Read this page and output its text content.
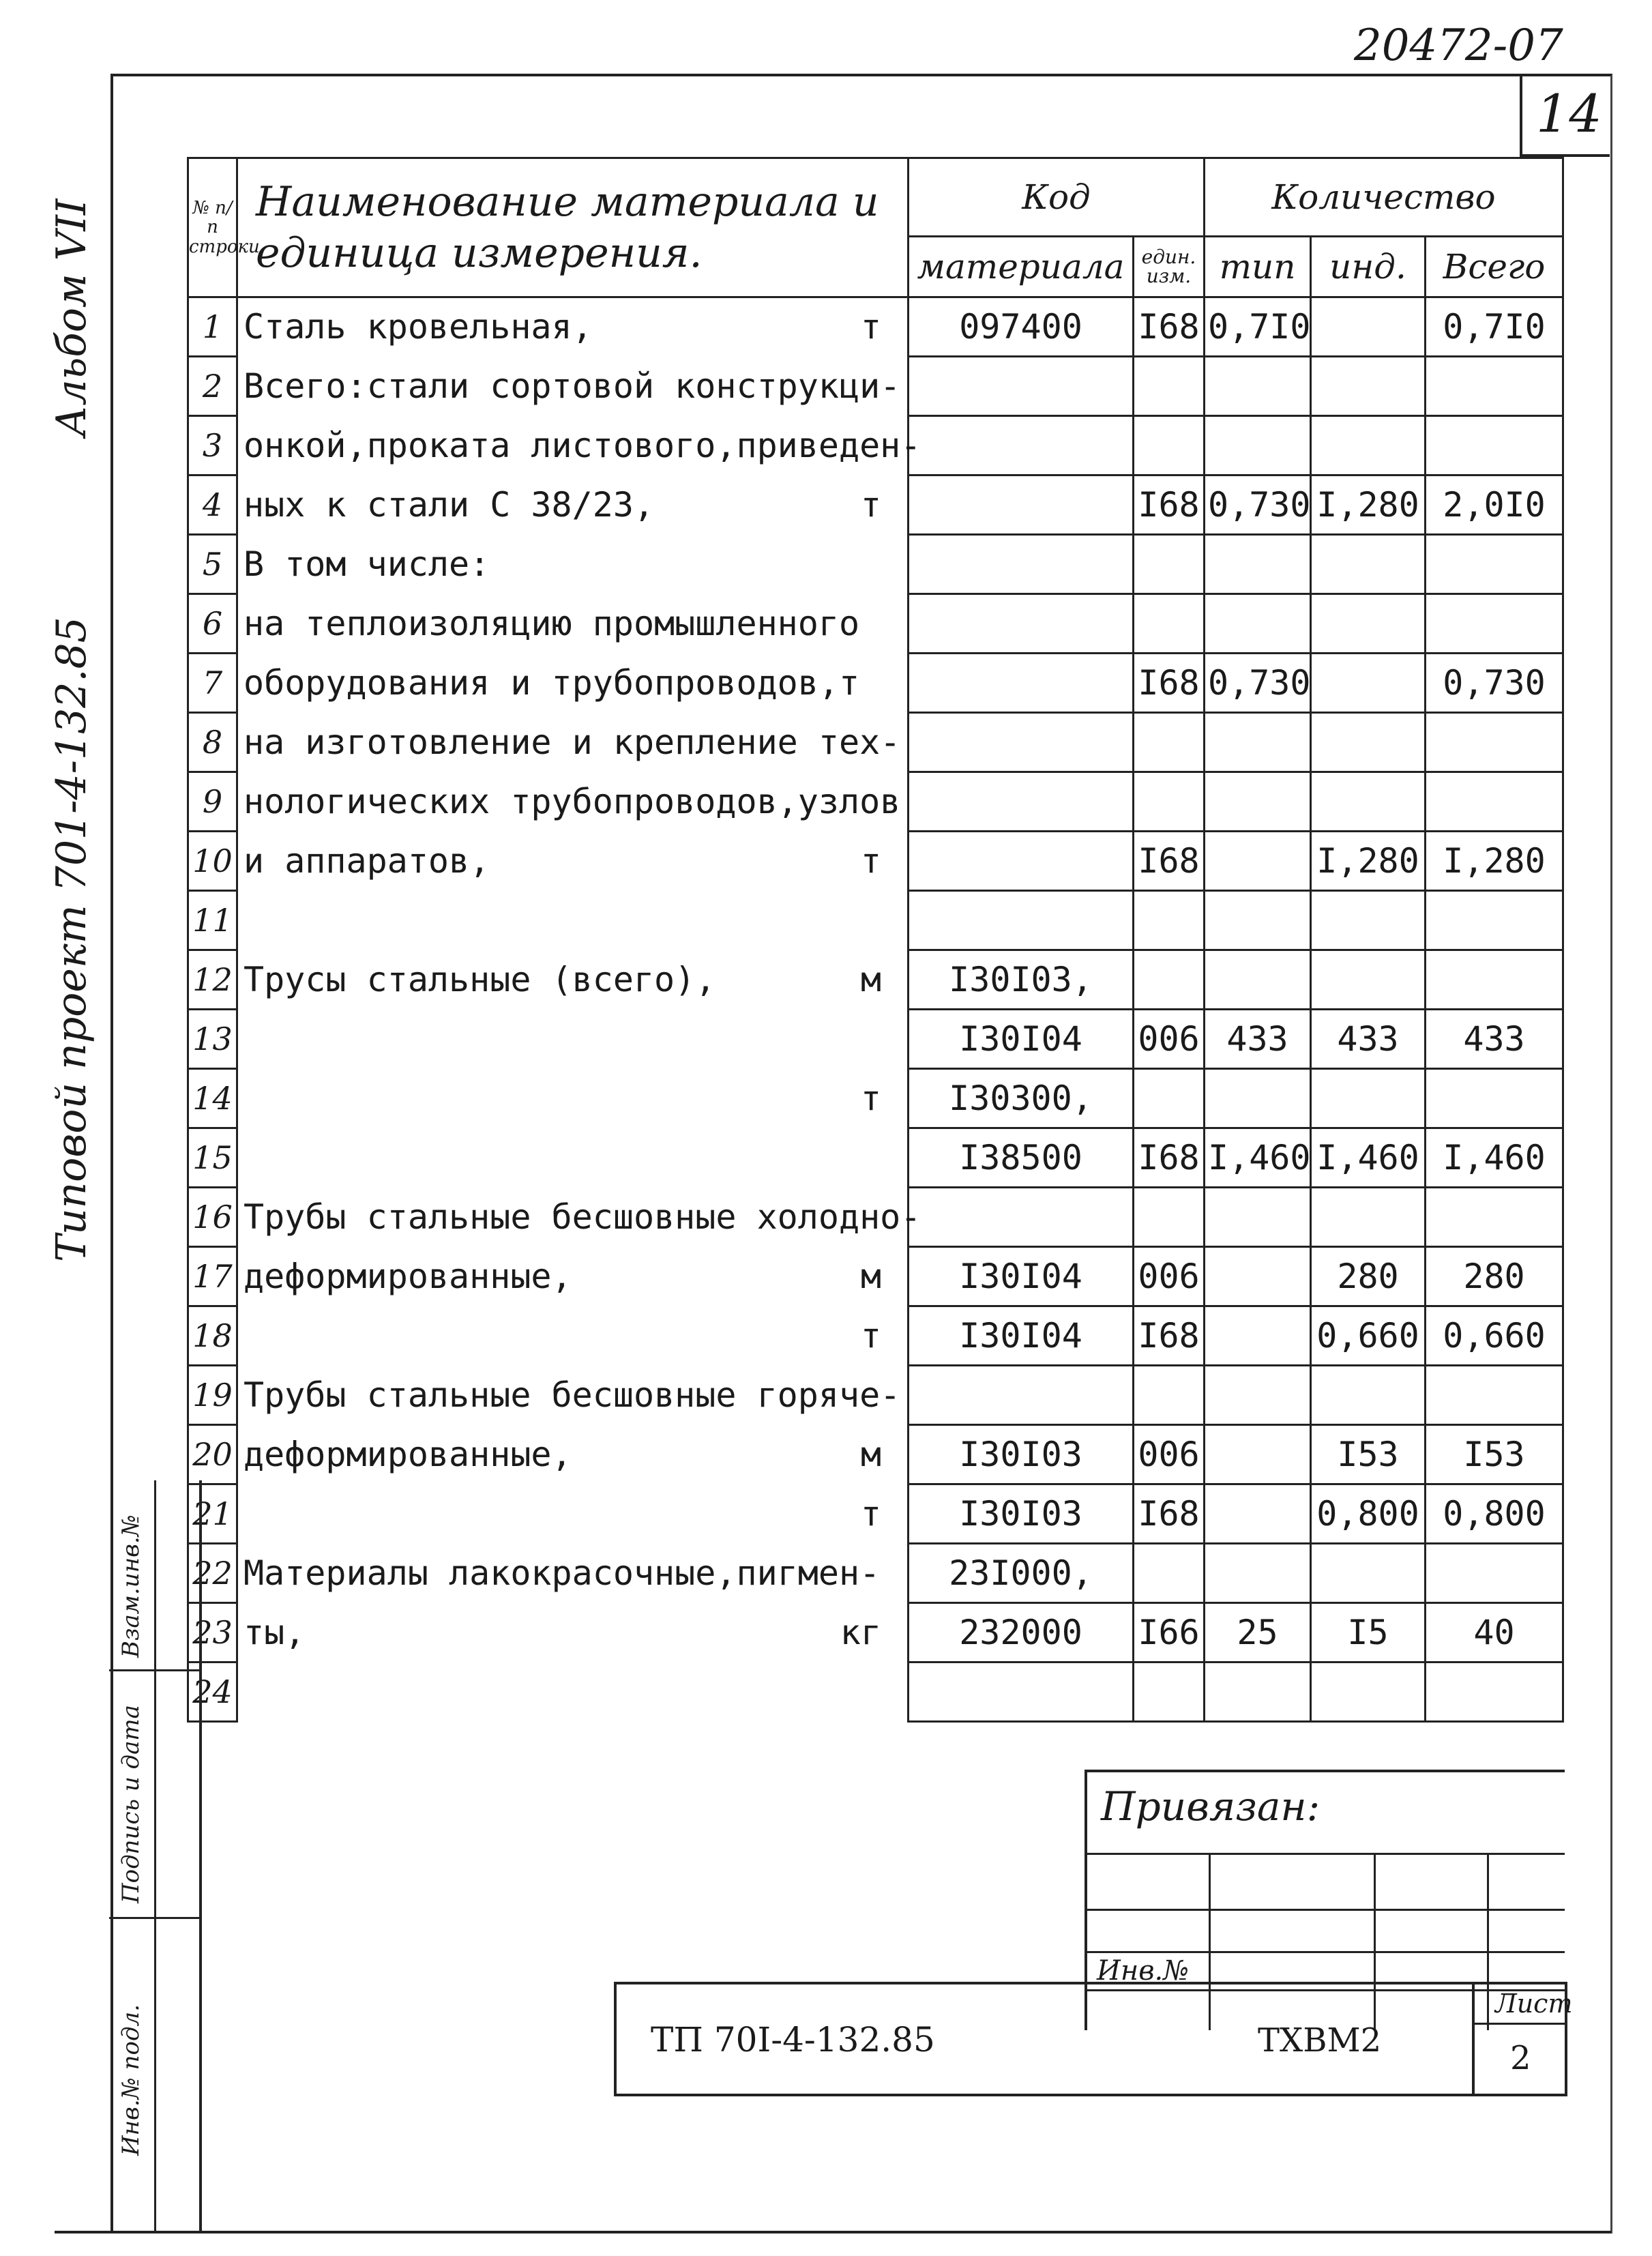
20472-07
14
Альбом VII
Типовой проект 701-4-132.85
№ п/п строки	Наименование материала и единица измерения.	Код		Количество		
		материала	един. изм.	тип	инд.	Всего
1	Сталь кровельная, т	097400	I68	0,7I0		0,7I0
2	Всего:стали сортовой конструкци-					

3	онкой,проката листового,приведен-					

4	ных к стали С 38/23, т		I68	0,730	I,280	2,0I0
5	В том числе:					

6	на теплоизоляцию промышленного					

7	оборудования и трубопроводов,т		I68	0,730		0,730
8	на изготовление и крепление тех-					

9	нологических трубопроводов,узлов					

10	и аппаратов, т		I68		I,280	I,280
11	

12	Трусы стальные (всего), м	I30I03,				
13		I30I04	006	433	433	433
14	т	I30300,				
15		I38500	I68	I,460	I,460	I,460
16	Трубы стальные бесшовные холодно-					

17	деформированные, м	I30I04	006		280	280
18	т	I30I04	I68		0,660	0,660
19	Трубы стальные бесшовные горяче-					

20	деформированные, м	I30I03	006		I53	I53
21	т	I30I03	I68		0,800	0,800
22	Материалы лакокрасочные,пигмен-	23I000,				
23	ты, кг	232000	I66	25	I5	40
24	

Взам.инв.№
Подпись и дата
Инв.№ подл.
Привязан:
Инв.№
ТП 70I-4-132.85	ТХВМ2
Лист
2
